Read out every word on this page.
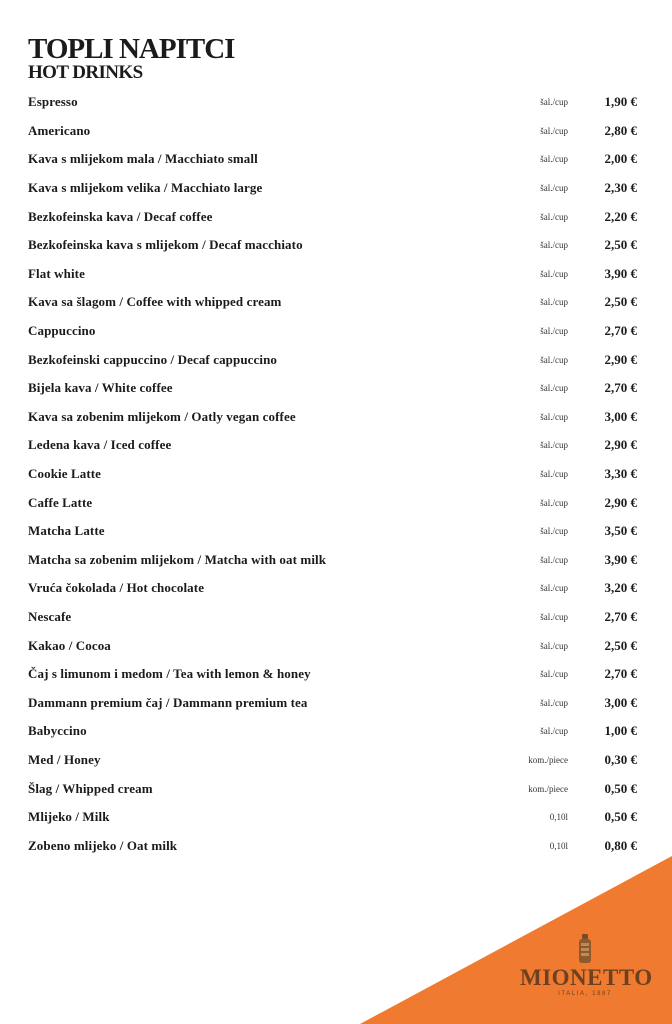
TOPLI NAPITCI
HOT DRINKS
Espresso	šal./cup	1,90 €
Americano	šal./cup	2,80 €
Kava s mlijekom mala / Macchiato small	šal./cup	2,00 €
Kava s mlijekom velika / Macchiato large	šal./cup	2,30 €
Bezkofeinska kava / Decaf coffee	šal./cup	2,20 €
Bezkofeinska kava s mlijekom / Decaf macchiato	šal./cup	2,50 €
Flat white	šal./cup	3,90 €
Kava sa šlagom / Coffee with whipped cream	šal./cup	2,50 €
Cappuccino	šal./cup	2,70 €
Bezkofeinski cappuccino / Decaf cappuccino	šal./cup	2,90 €
Bijela kava / White coffee	šal./cup	2,70 €
Kava sa zobenim mlijekom / Oatly vegan coffee	šal./cup	3,00 €
Ledena kava / Iced coffee	šal./cup	2,90 €
Cookie Latte	šal./cup	3,30 €
Caffe Latte	šal./cup	2,90 €
Matcha Latte	šal./cup	3,50 €
Matcha sa zobenim mlijekom / Matcha with oat milk	šal./cup	3,90 €
Vruća čokolada / Hot chocolate	šal./cup	3,20 €
Nescafe	šal./cup	2,70 €
Kakao / Cocoa	šal./cup	2,50 €
Čaj s limunom i medom / Tea with lemon & honey	šal./cup	2,70 €
Dammann premium čaj / Dammann premium tea	šal./cup	3,00 €
Babyccino	šal./cup	1,00 €
Med / Honey	kom./piece	0,30 €
Šlag / Whipped cream	kom./piece	0,50 €
Mlijeko / Milk	0,10l	0,50 €
Zobeno mlijeko / Oat milk	0,10l	0,80 €
MIONETTO
ITALIA, 1887
